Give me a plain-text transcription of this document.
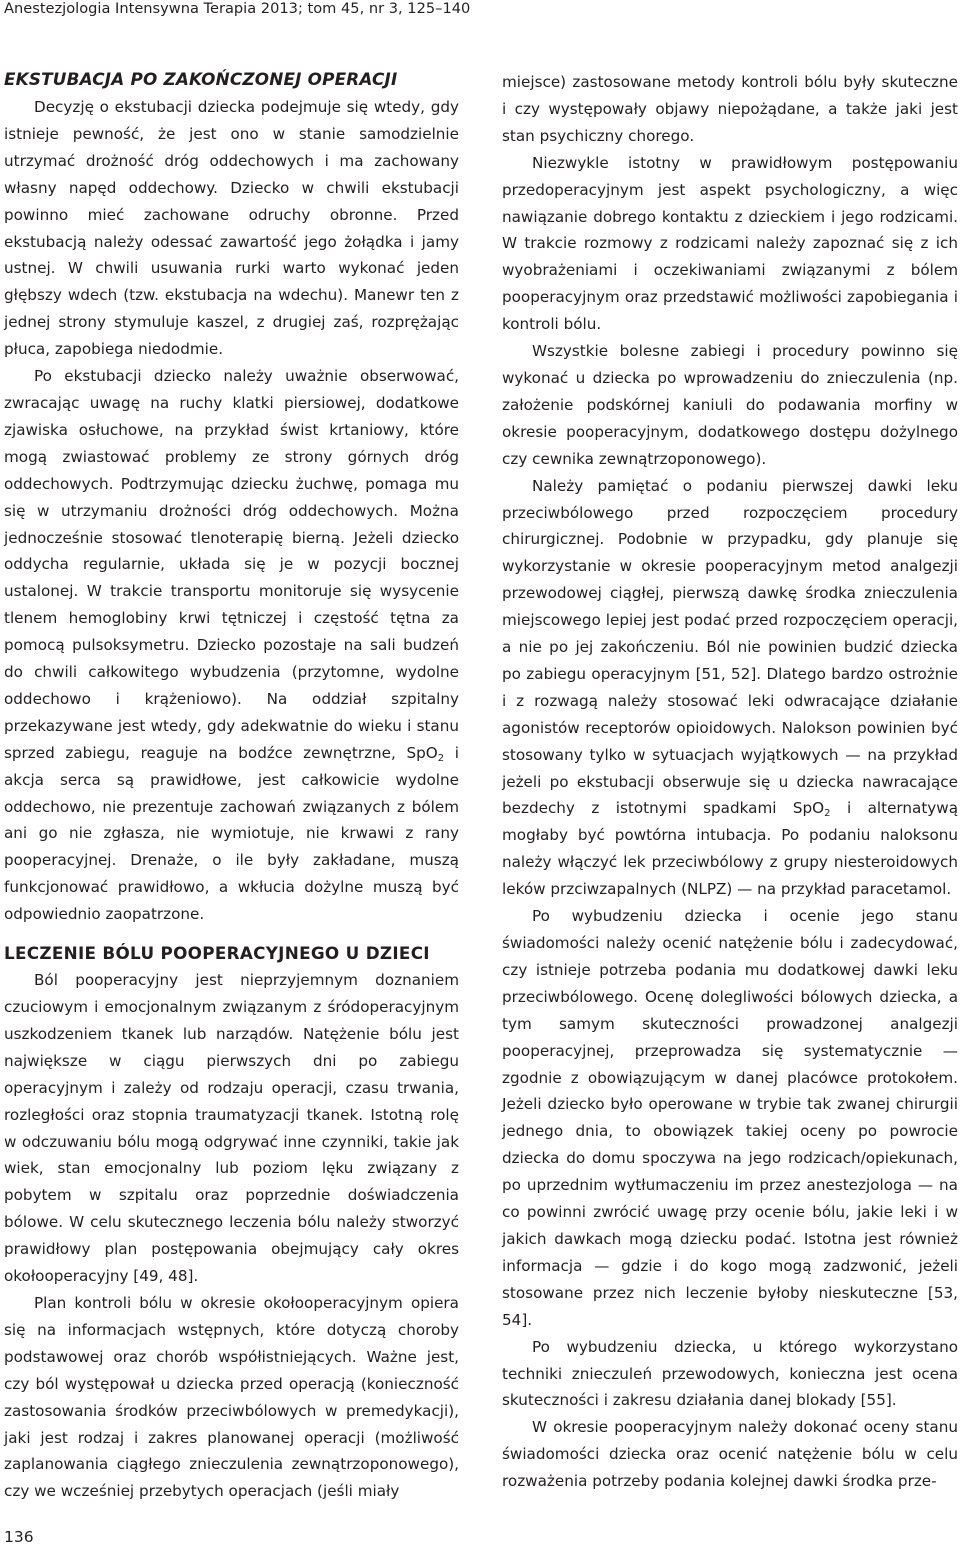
Anestezjologia Intensywna Terapia 2013; tom 45, nr 3, 125–140
EKSTUBACJA PO ZAKOŃCZONEJ OPERACJI

Decyzję o ekstubacji dziecka podejmuje się wtedy, gdy istnieje pewność, że jest ono w stanie samodzielnie utrzymać drożność dróg oddechowych i ma zachowany własny napęd oddechowy. Dziecko w chwili ekstubacji powinno mieć zachowane odruchy obronne. Przed ekstubacją należy odessać zawartość jego żołądka i jamy ustnej. W chwili usuwania rurki warto wykonać jeden głębszy wdech (tzw. ekstubacja na wdechu). Manewr ten z jednej strony stymuluje kaszel, z drugiej zaś, rozprężając płuca, zapobiega niedodmie.

Po ekstubacji dziecko należy uważnie obserwować, zwracając uwagę na ruchy klatki piersiowej, dodatkowe zjawiska osłuchowe, na przykład świst krtaniowy, które mogą zwiastować problemy ze strony górnych dróg oddechowych. Podtrzymując dziecku żuchwę, pomaga mu się w utrzymaniu drożności dróg oddechowych. Można jednocześnie stosować tlenoterapię bierną. Jeżeli dziecko oddycha regularnie, układa się je w pozycji bocznej ustalonej. W trakcie transportu monitoruje się wysycenie tlenem hemoglobiny krwi tętniczej i częstość tętna za pomocą pulsoksymetru. Dziecko pozostaje na sali budzeń do chwili całkowitego wybudzenia (przytomne, wydolne oddechowo i krążeniowo). Na oddział szpitalny przekazywane jest wtedy, gdy adekwatnie do wieku i stanu sprzed zabiegu, reaguje na bodźce zewnętrzne, SpO$_2$ i akcja serca są prawidłowe, jest całkowicie wydolne oddechowo, nie prezentuje zachowań związanych z bólem ani go nie zgłasza, nie wymiotuje, nie krwawi z rany pooperacyjnej. Drenaże, o ile były zakładane, muszą funkcjonować prawidłowo, a wkłucia dożylne muszą być odpowiednio zaopatrzone.

LECZENIE BÓLU POOPERACYJNEGO U DZIECI

Ból pooperacyjny jest nieprzyjemnym doznaniem czuciowym i emocjonalnym związanym z śródoperacyjnym uszkodzeniem tkanek lub narządów. Natężenie bólu jest największe w ciągu pierwszych dni po zabiegu operacyjnym i zależy od rodzaju operacji, czasu trwania, rozległości oraz stopnia traumatyzacji tkanek. Istotną rolę w odczuwaniu bólu mogą odgrywać inne czynniki, takie jak wiek, stan emocjonalny lub poziom lęku związany z pobytem w szpitalu oraz poprzednie doświadczenia bólowe. W celu skutecznego leczenia bólu należy stworzyć prawidłowy plan postępowania obejmujący cały okres okołooperacyjny [49, 48].

Plan kontroli bólu w okresie okołooperacyjnym opiera się na informacjach wstępnych, które dotyczą choroby podstawowej oraz chorób współistniejących. Ważne jest, czy ból występował u dziecka przed operacją (konieczność zastosowania środków przeciwbólowych w premedykacji), jaki jest rodzaj i zakres planowanej operacji (możliwość zaplanowania ciągłego znieczulenia zewnątrzoponowego), czy we wcześniej przebytych operacjach (jeśli miały

miejsce) zastosowane metody kontroli bólu były skuteczne i czy występowały objawy niepożądane, a także jaki jest stan psychiczny chorego.

Niezwykle istotny w prawidłowym postępowaniu przedoperacyjnym jest aspekt psychologiczny, a więc nawiązanie dobrego kontaktu z dzieckiem i jego rodzicami. W trakcie rozmowy z rodzicami należy zapoznać się z ich wyobrażeniami i oczekiwaniami związanymi z bólem pooperacyjnym oraz przedstawić możliwości zapobiegania i kontroli bólu.

Wszystkie bolesne zabiegi i procedury powinno się wykonać u dziecka po wprowadzeniu do znieczulenia (np. założenie podskórnej kaniuli do podawania morfiny w okresie pooperacyjnym, dodatkowego dostępu dożylnego czy cewnika zewnątrzoponowego).

Należy pamiętać o podaniu pierwszej dawki leku przeciwbólowego przed rozpoczęciem procedury chirurgicznej. Podobnie w przypadku, gdy planuje się wykorzystanie w okresie pooperacyjnym metod analgezji przewodowej ciągłej, pierwszą dawkę środka znieczulenia miejscowego lepiej jest podać przed rozpoczęciem operacji, a nie po jej zakończeniu. Ból nie powinien budzić dziecka po zabiegu operacyjnym [51, 52]. Dlatego bardzo ostrożnie i z rozwagą należy stosować leki odwracające działanie agonistów receptorów opioidowych. Nalokson powinien być stosowany tylko w sytuacjach wyjątkowych — na przykład jeżeli po ekstubacji obserwuje się u dziecka nawracające bezdechy z istotnymi spadkami SpO$_2$ i alternatywą mogłaby być powtórna intubacja. Po podaniu naloksonu należy włączyć lek przeciwbólowy z grupy niesteroidowych leków przciwzapalnych (NLPZ) — na przykład paracetamol.

Po wybudzeniu dziecka i ocenie jego stanu świadomości należy ocenić natężenie bólu i zadecydować, czy istnieje potrzeba podania mu dodatkowej dawki leku przeciwbólowego. Ocenę dolegliwości bólowych dziecka, a tym samym skuteczności prowadzonej analgezji pooperacyjnej, przeprowadza się systematycznie — zgodnie z obowiązującym w danej placówce protokołem. Jeżeli dziecko było operowane w trybie tak zwanej chirurgii jednego dnia, to obowiązek takiej oceny po powrocie dziecka do domu spoczywa na jego rodzicach/opiekunach, po uprzednim wytłumaczeniu im przez anestezjologa — na co powinni zwrócić uwagę przy ocenie bólu, jakie leki i w jakich dawkach mogą dziecku podać. Istotna jest również informacja — gdzie i do kogo mogą zadzwonić, jeżeli stosowane przez nich leczenie byłoby nieskuteczne [53, 54].

Po wybudzeniu dziecka, u którego wykorzystano techniki znieczuleń przewodowych, konieczna jest ocena skuteczności i zakresu działania danej blokady [55].

W okresie pooperacyjnym należy dokonać oceny stanu świadomości dziecka oraz ocenić natężenie bólu w celu rozważenia potrzeby podania kolejnej dawki środka prze-

136
